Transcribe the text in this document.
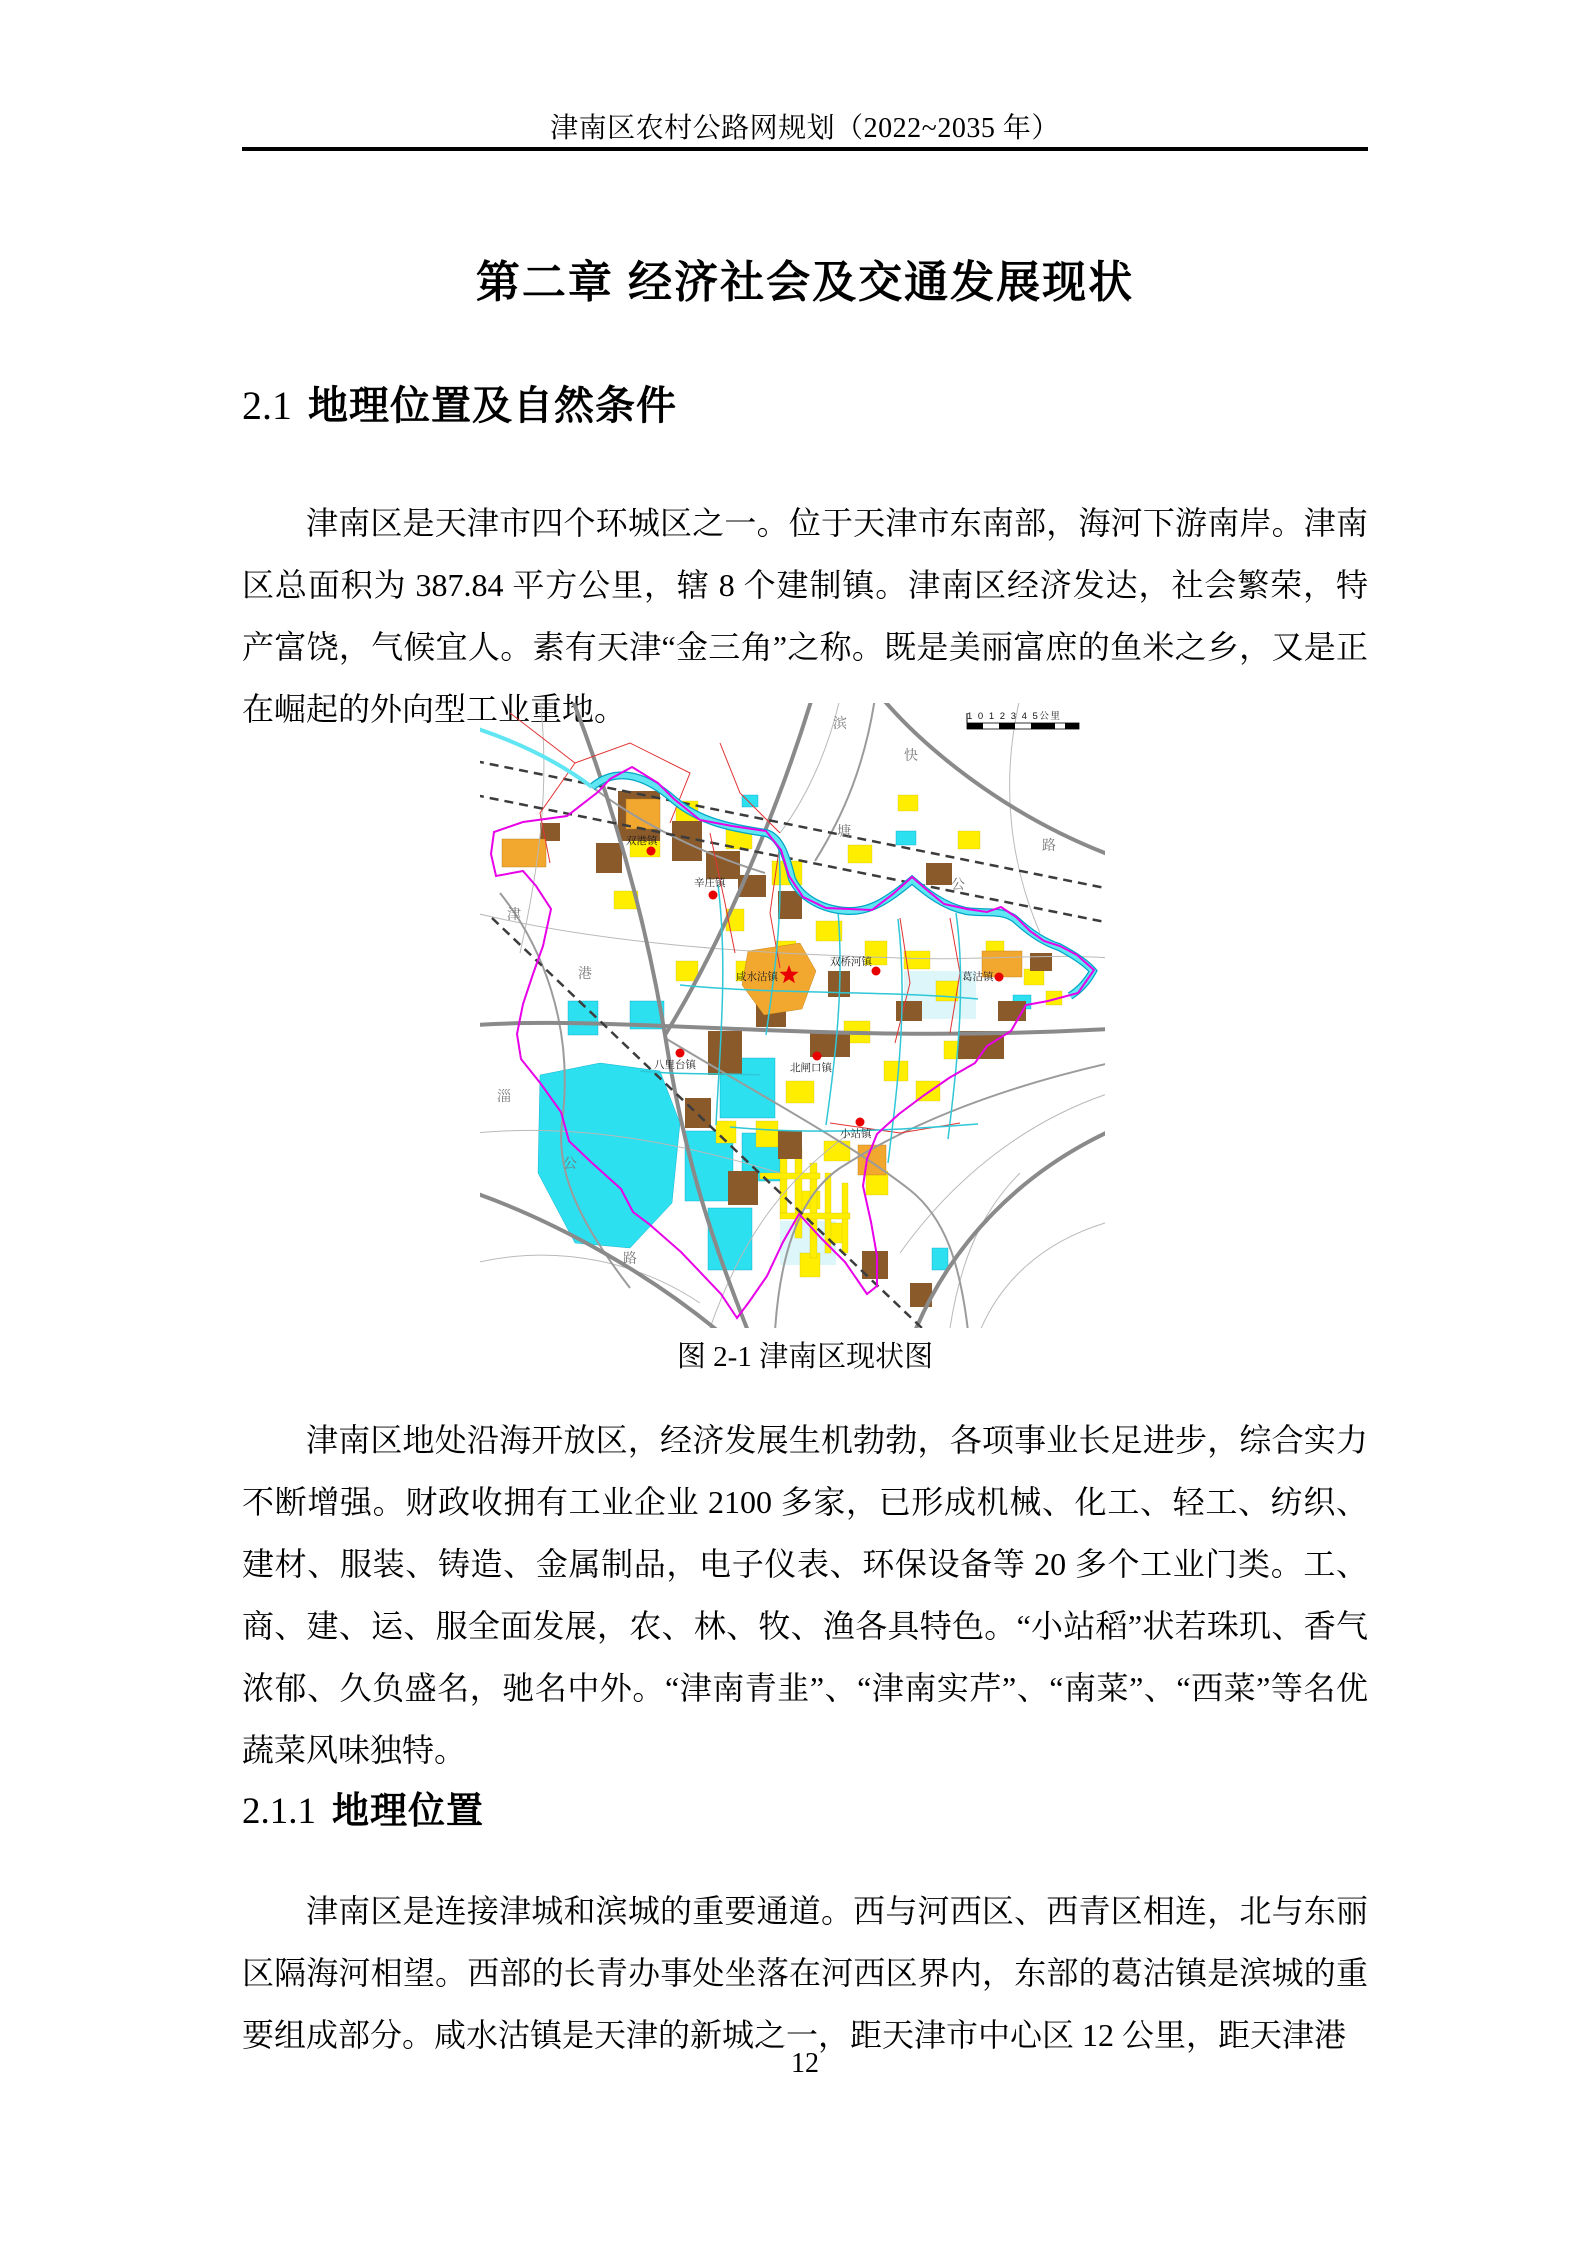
津南区农村公路网规划（2022~2035 年）
第二章 经济社会及交通发展现状
2.1 地理位置及自然条件

津南区是天津市四个环城区之一。位于天津市东南部，海河下游南岸。津南区总面积为 387.84 平方公里，辖 8 个建制镇。津南区经济发达，社会繁荣，特产富饶，气候宜人。素有天津“金三角”之称。既是美丽富庶的鱼米之乡，又是正在崛起的外向型工业重地。	1 0 1 2 3 4 5公里
滨
快
塘
公
路
津
港
淄
公
路
双港镇
辛庄镇
咸水沽镇
双桥河镇
葛沽镇
八里台镇	北闸口镇
小站镇
图 2-1 津南区现状图

津南区地处沿海开放区，经济发展生机勃勃，各项事业长足进步，综合实力不断增强。财政收拥有工业企业 2100 多家，已形成机械、化工、轻工、纺织、建材、服装、铸造、金属制品，电子仪表、环保设备等 20 多个工业门类。工、商、建、运、服全面发展，农、林、牧、渔各具特色。“小站稻”状若珠玑、香气浓郁、久负盛名，驰名中外。“津南青韭”、“津南实芹”、“南菜”、“西菜”等名优蔬菜风味独特。

2.1.1 地理位置

津南区是连接津城和滨城的重要通道。西与河西区、西青区相连，北与东丽区隔海河相望。西部的长青办事处坐落在河西区界内，东部的葛沽镇是滨城的重要组成部分。咸水沽镇是天津的新城之一，距天津市中心区 12 公里，距天津港

12
